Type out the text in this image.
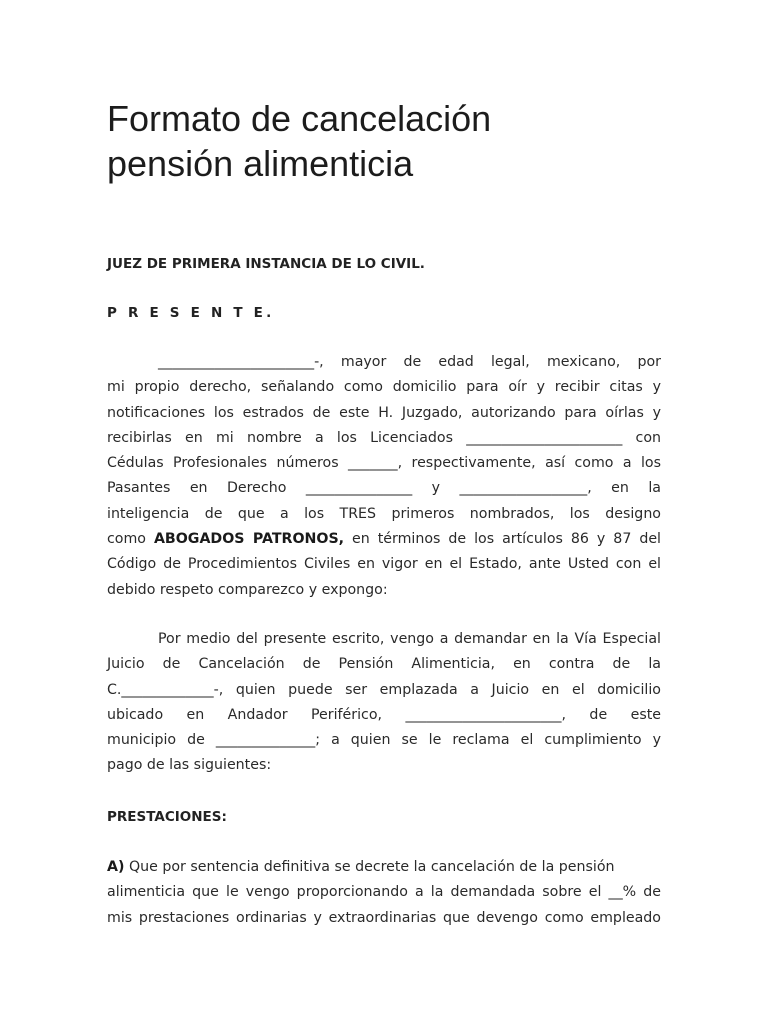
Formato de cancelación
pensión alimenticia

JUEZ DE PRIMERA INSTANCIA DE LO CIVIL.

P R E S E N T E.

______________________-, mayor de edad legal, mexicano, por
mi propio derecho, señalando como domicilio para oír y recibir citas y
notificaciones los estrados de este H. Juzgado, autorizando para oírlas y
recibirlas en mi nombre a los Licenciados ______________________ con
Cédulas Profesionales números _______, respectivamente, así como a los
Pasantes en Derecho _______________ y __________________, en la
inteligencia de que a los TRES primeros nombrados, los designo
como ABOGADOS PATRONOS, en términos de los artículos 86 y 87 del
Código de Procedimientos Civiles en vigor en el Estado, ante Usted con el
debido respeto comparezco y expongo:
Por medio del presente escrito, vengo a demandar en la Vía Especial
Juicio de Cancelación de Pensión Alimenticia, en contra de la
C._____________-, quien puede ser emplazada a Juicio en el domicilio
ubicado en Andador Periférico, ______________________, de este
municipio de ______________; a quien se le reclama el cumplimiento y
pago de las siguientes:

PRESTACIONES:

A) Que por sentencia definitiva se decrete la cancelación de la pensión
alimenticia que le vengo proporcionando a la demandada sobre el __% de
mis prestaciones ordinarias y extraordinarias que devengo como empleado
